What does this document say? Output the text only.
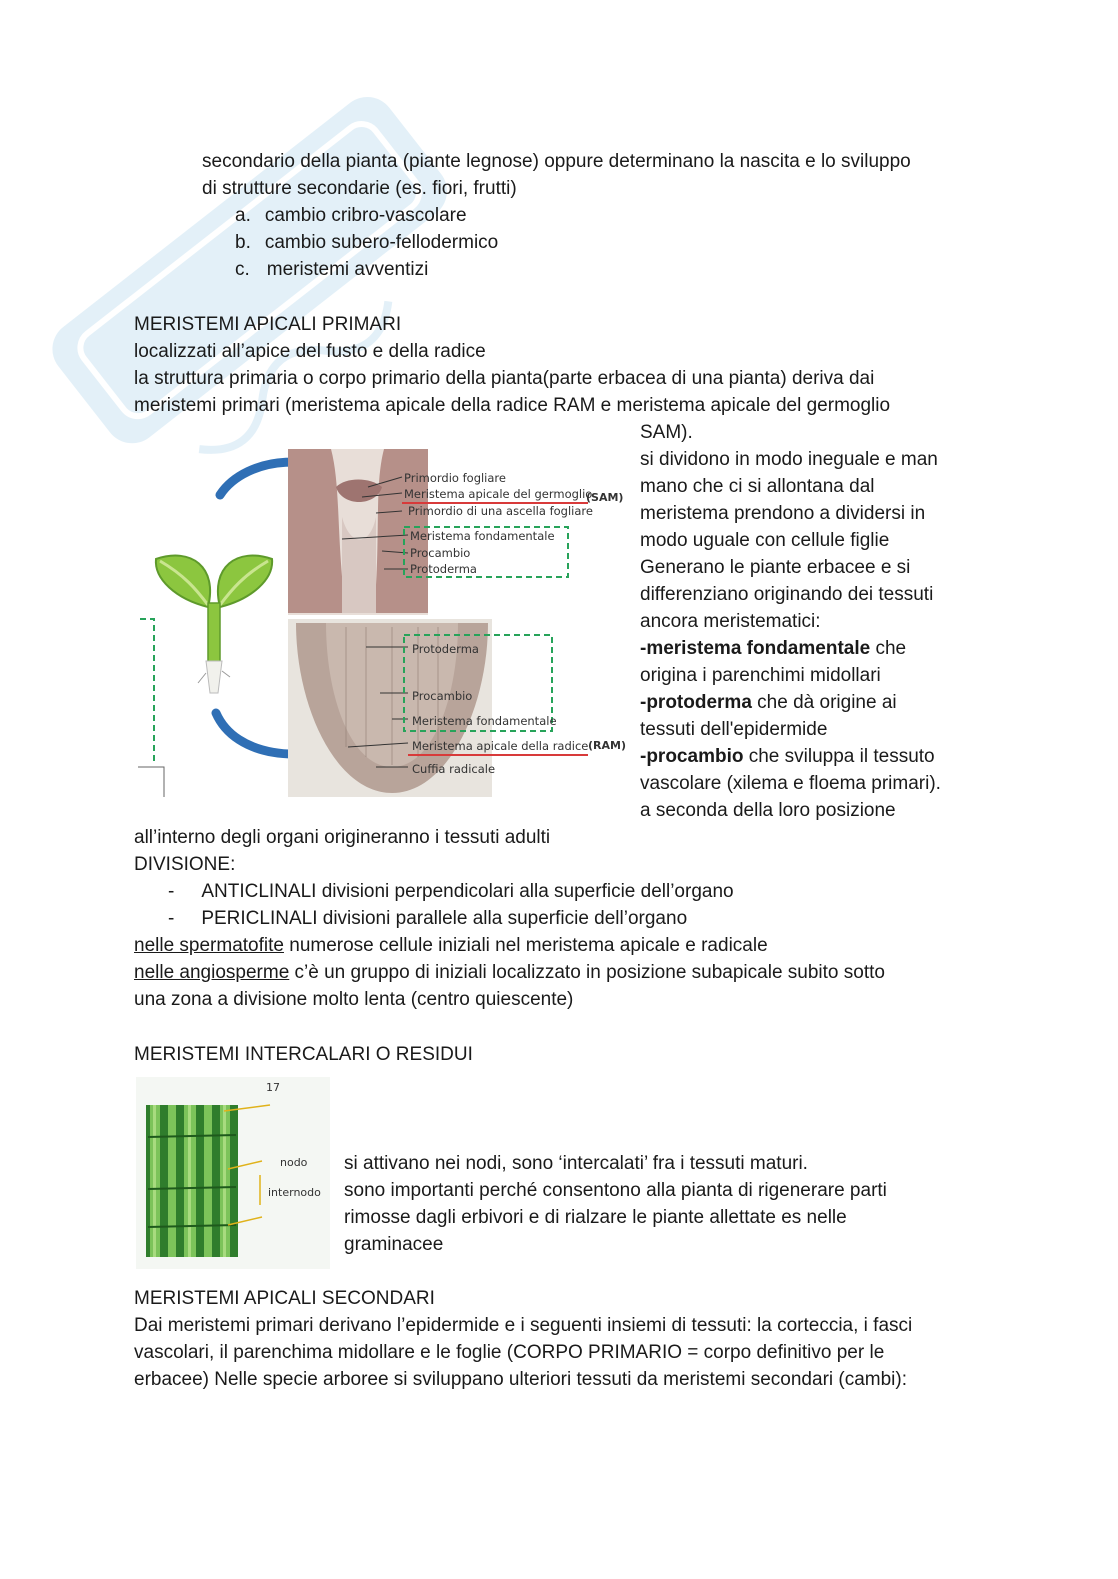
secondario della pianta (piante legnose) oppure determinano la nascita e lo sviluppo
di strutture secondarie (es. fiori, frutti)
a. cambio cribro-vascolare
b. cambio subero-fellodermico
c. meristemi avventizi
MERISTEMI APICALI PRIMARI
localizzati all’apice del fusto e della radice
la struttura primaria o corpo primario della pianta(parte erbacea di una pianta) deriva dai
meristemi primari (meristema apicale della radice RAM e meristema apicale del germoglio
SAM).
si dividono in modo ineguale e man
mano che ci si allontana dal
meristema prendono a dividersi in
modo uguale con cellule figlie
Generano le piante erbacee e si
differenziano originando dei tessuti
ancora meristematici:
-meristema fondamentale che
origina i parenchimi midollari
-protoderma che dà origine ai
tessuti dell'epidermide
-procambio che sviluppa il tessuto
vascolare (xilema e floema primari).
a seconda della loro posizione
Primordio fogliare
Meristema apicale del germoglio
(SAM)
Primordio di una ascella fogliare
Meristema fondamentale
Procambio
Protoderma
Protoderma
Procambio
Meristema fondamentale
Meristema apicale della radice (RAM)
Cuffia radicale
all’interno degli organi origineranno i tessuti adulti
DIVISIONE:
- ANTICLINALI divisioni perpendicolari alla superficie dell’organo
- PERICLINALI divisioni parallele alla superficie dell’organo
nelle spermatofite numerose cellule iniziali nel meristema apicale e radicale
nelle angiosperme c’è un gruppo di iniziali localizzato in posizione subapicale subito sotto
una zona a divisione molto lenta (centro quiescente)
MERISTEMI INTERCALARI O RESIDUI
17
nodo
internodo
si attivano nei nodi, sono ‘intercalati’ fra i tessuti maturi.
sono importanti perché consentono alla pianta di rigenerare parti
rimosse dagli erbivori e di rialzare le piante allettate es nelle
graminacee
MERISTEMI APICALI SECONDARI
Dai meristemi primari derivano l’epidermide e i seguenti insiemi di tessuti: la corteccia, i fasci
vascolari, il parenchima midollare e le foglie (CORPO PRIMARIO = corpo definitivo per le
erbacee) Nelle specie arboree si sviluppano ulteriori tessuti da meristemi secondari (cambi):
